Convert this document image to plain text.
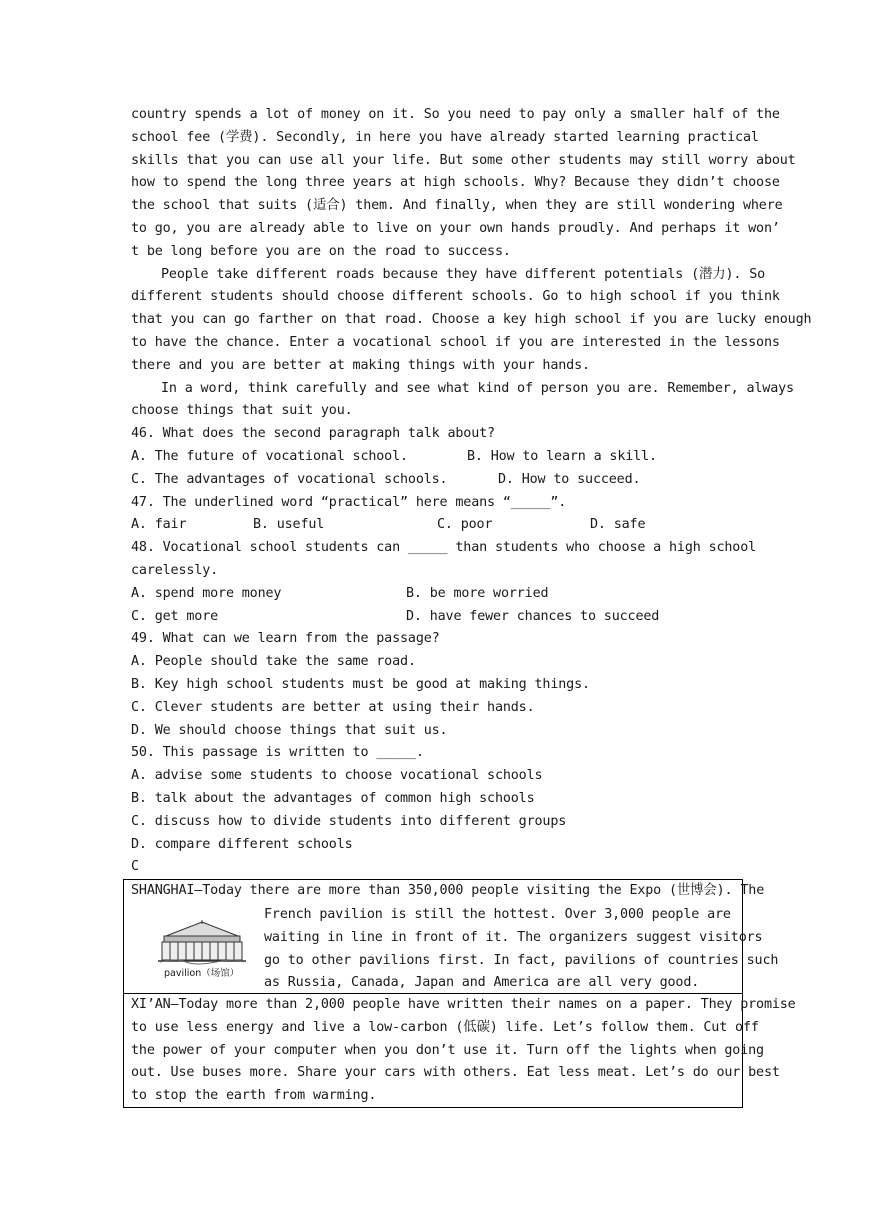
country spends a lot of money on it. So you need to pay only a smaller half of the
school fee (学费). Secondly, in here you have already started learning practical
skills that you can use all your life. But some other students may still worry about
how to spend the long three years at high schools. Why? Because they didn’t choose
the school that suits (适合) them. And finally, when they are still wondering where
to go, you are already able to live on your own hands proudly. And perhaps it won’
t be long before you are on the road to success.
People take different roads because they have different potentials (潜力). So
different students should choose different schools. Go to high school if you think
that you can go farther on that road. Choose a key high school if you are lucky enough
to have the chance. Enter a vocational school if you are interested in the lessons
there and you are better at making things with your hands.
In a word, think carefully and see what kind of person you are. Remember, always
choose things that suit you.
46. What does the second paragraph talk about?
A. The future of vocational school.	B. How to learn a skill.
C. The advantages of vocational schools.	D. How to succeed.
47. The underlined word “practical” here means “_____”.
A. fair	B. useful	C. poor	D. safe
48. Vocational school students can _____ than students who choose a high school
carelessly.
A. spend more money	B. be more worried
C. get more	D. have fewer chances to succeed
49. What can we learn from the passage?
A. People should take the same road.
B. Key high school students must be good at making things.
C. Clever students are better at using their hands.
D. We should choose things that suit us.
50. This passage is written to _____.
A. advise some students to choose vocational schools
B. talk about the advantages of common high schools
C. discuss how to divide students into different groups
D. compare different schools
C
SHANGHAI—Today there are more than 350,000 people visiting the Expo (世博会). The
pavilion（场馆）
French pavilion is still the hottest. Over 3,000 people are
waiting in line in front of it. The organizers suggest visitors
go to other pavilions first. In fact, pavilions of countries such
as Russia, Canada, Japan and America are all very good.
XI’AN—Today more than 2,000 people have written their names on a paper. They promise
to use less energy and live a low-carbon (低碳) life. Let’s follow them. Cut off
the power of your computer when you don’t use it. Turn off the lights when going
out. Use buses more. Share your cars with others. Eat less meat. Let’s do our best
to stop the earth from warming.
